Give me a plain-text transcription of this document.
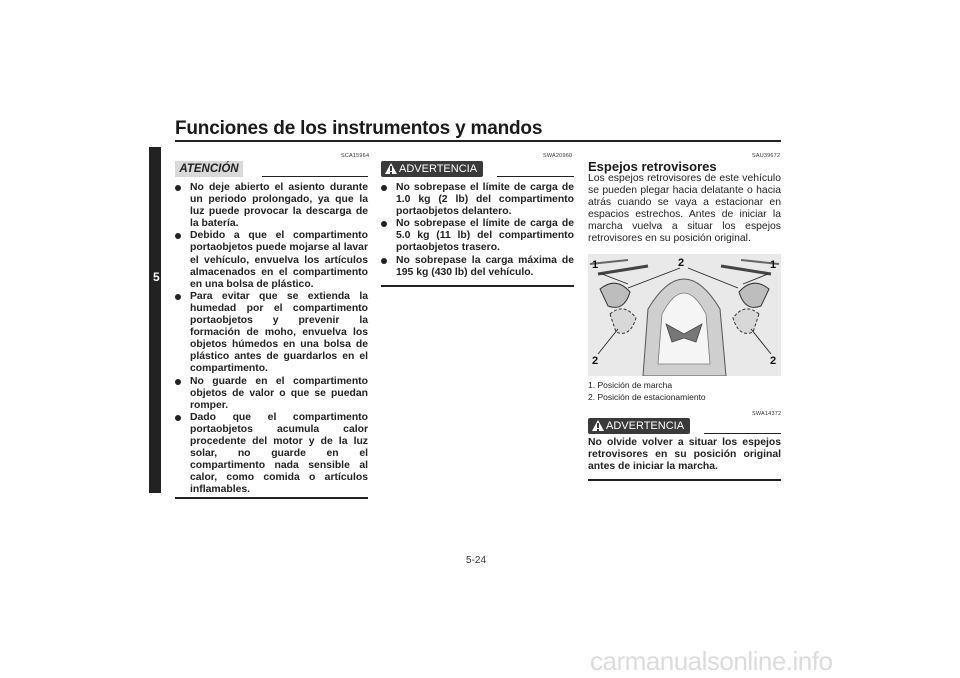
Funciones de los instrumentos y mandos
5
SCA15964
ATENCIÓN
No deje abierto el asiento durante un periodo prolongado, ya que la luz puede provocar la descarga de la batería.
Debido a que el compartimento portaobjetos puede mojarse al lavar el vehículo, envuelva los artículos almacenados en el compartimento en una bolsa de plástico.
Para evitar que se extienda la humedad por el compartimento portaobjetos y prevenir la formación de moho, envuelva los objetos húmedos en una bolsa de plástico antes de guardarlos en el compartimento.
No guarde en el compartimento objetos de valor o que se puedan romper.
Dado que el compartimento portaobjetos acumula calor procedente del motor y de la luz solar, no guarde en el compartimento nada sensible al calor, como comida o artículos inflamables.
SWA20960
ADVERTENCIA
No sobrepase el límite de carga de 1.0 kg (2 lb) del compartimento portaobjetos delantero.
No sobrepase el límite de carga de 5.0 kg (11 lb) del compartimento portaobjetos trasero.
No sobrepase la carga máxima de 195 kg (430 lb) del vehículo.
SAU39672
Espejos retrovisores
Los espejos retrovisores de este vehículo se pueden plegar hacia delatante o hacia atrás cuando se vaya a estacionar en espacios estrechos. Antes de iniciar la marcha vuelva a situar los espejos retrovisores en su posición original.
1	2	1
2	2
1. Posición de marcha
2. Posición de estacionamiento
SWA14372
ADVERTENCIA
No olvide volver a situar los espejos retrovisores en su posición original antes de iniciar la marcha.
5-24
carmanualsonline.info
